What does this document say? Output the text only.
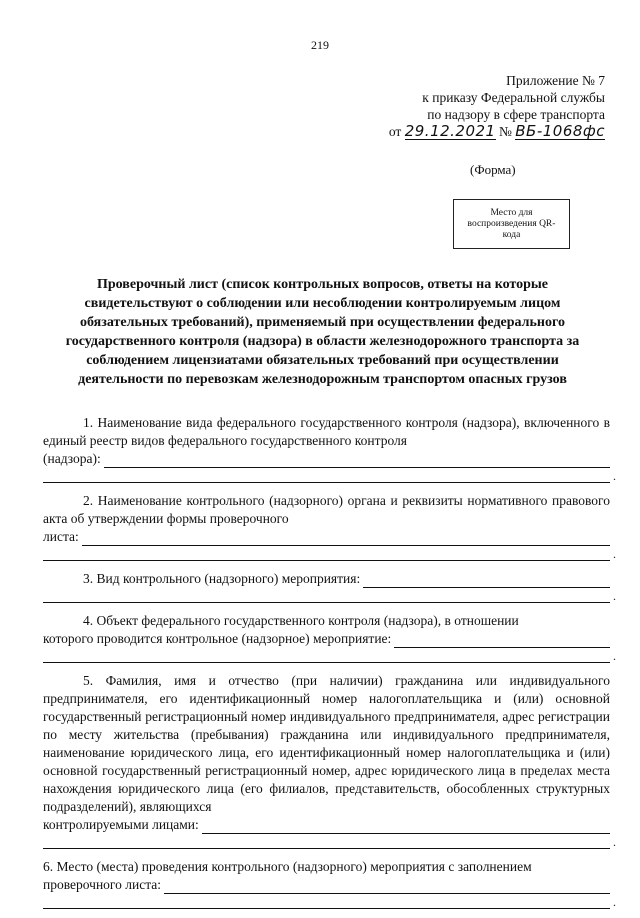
219
Приложение № 7
к приказу Федеральной службы
по надзору в сфере транспорта
от 29.12.2021 № ВБ-1068фс
(Форма)
Место для воспроизведения QR-кода
Проверочный лист (список контрольных вопросов, ответы на которые свидетельствуют о соблюдении или несоблюдении контролируемым лицом обязательных требований), применяемый при осуществлении федерального государственного контроля (надзора) в области железнодорожного транспорта за соблюдением лицензиатами обязательных требований при осуществлении деятельности по перевозкам железнодорожным транспортом опасных грузов
1. Наименование вида федерального государственного контроля (надзора), включенного в единый реестр видов федерального государственного контроля
(надзора):
.
2. Наименование контрольного (надзорного) органа и реквизиты нормативного правового акта об утверждении формы проверочного
листа:
.
3. Вид контрольного (надзорного) мероприятия:
.
4. Объект федерального государственного контроля (надзора), в отношении
которого проводится контрольное (надзорное) мероприятие:
.
5. Фамилия, имя и отчество (при наличии) гражданина или индивидуального предпринимателя, его идентификационный номер налогоплательщика и (или) основной государственный регистрационный номер индивидуального предпринимателя, адрес регистрации по месту жительства (пребывания) гражданина или индивидуального предпринимателя, наименование юридического лица, его идентификационный номер налогоплательщика и (или) основной государственный регистрационный номер, адрес юридического лица в пределах места нахождения юридического лица (его филиалов, представительств, обособленных структурных подразделений), являющихся
контролируемыми лицами:
.
6. Место (места) проведения контрольного (надзорного) мероприятия с заполнением
проверочного листа:
.
